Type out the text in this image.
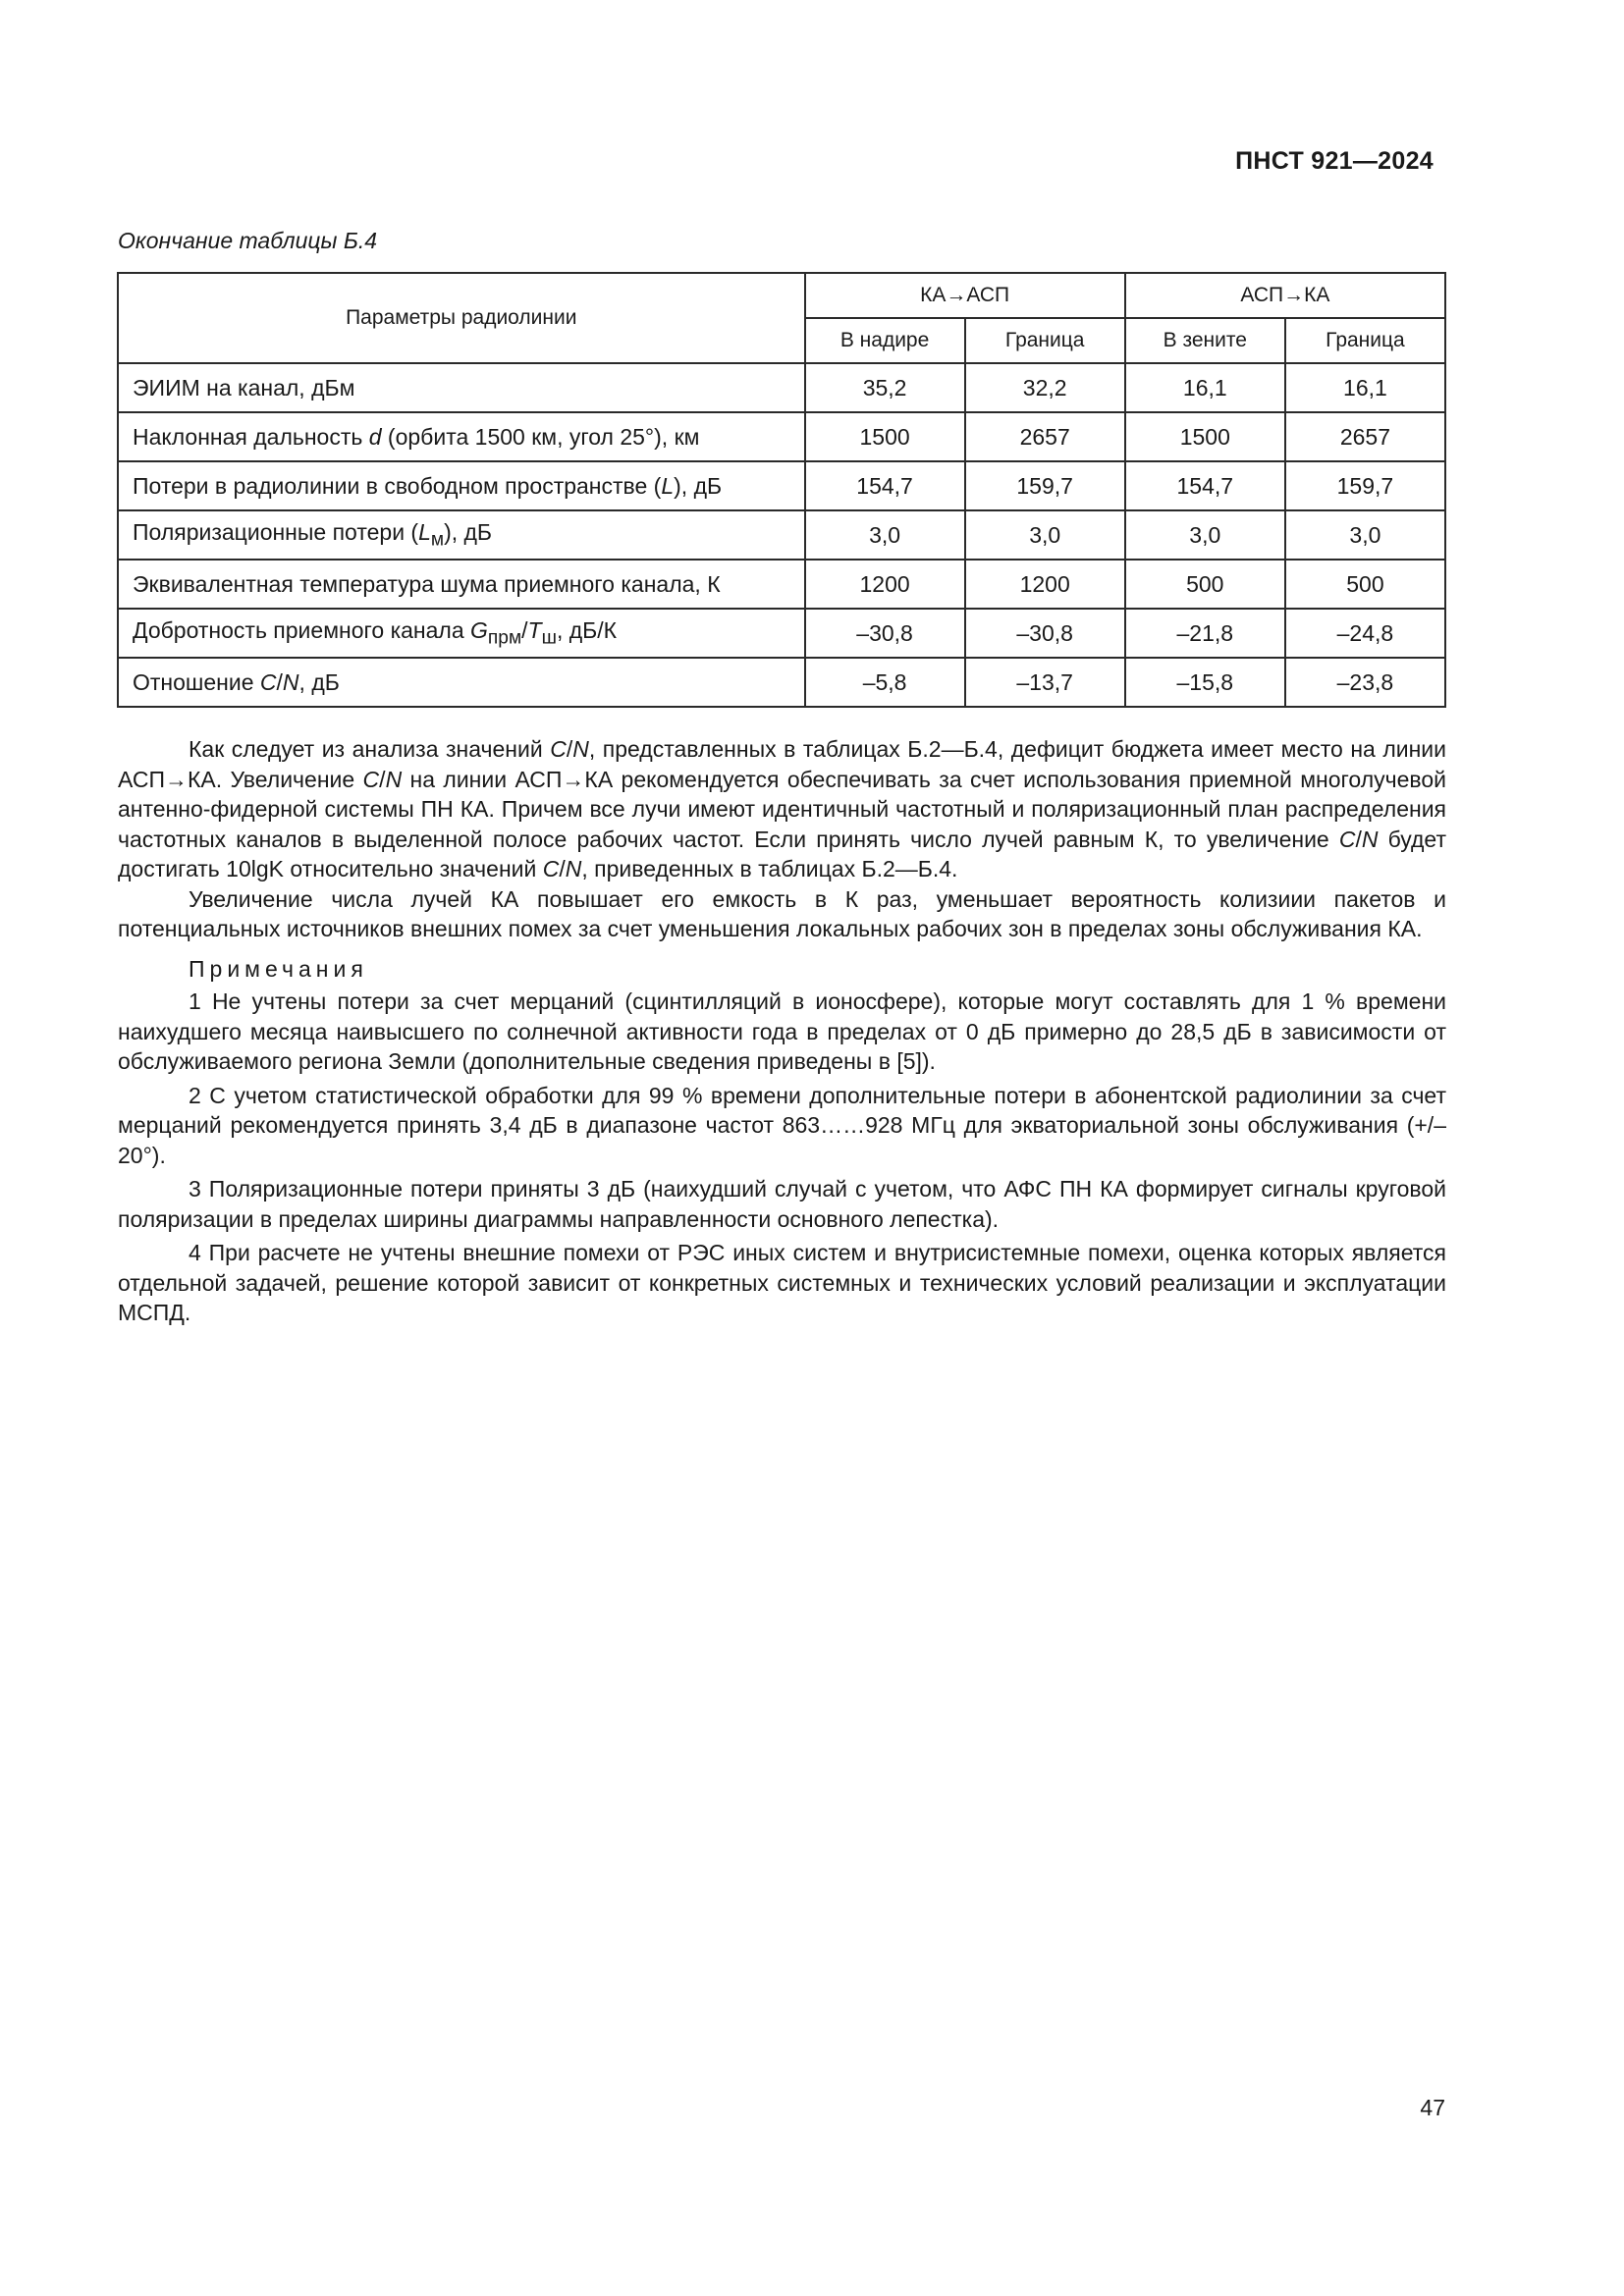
ПНСТ 921—2024
Окончание таблицы Б.4
Параметры радиолинии	КА→АСП		АСП→КА	
	В надире	Граница	В зените	Граница
ЭИИМ на канал, дБм	35,2	32,2	16,1	16,1
Наклонная дальность d (орбита 1500 км, угол 25°), км	1500	2657	1500	2657
Потери в радиолинии в свободном пространстве (L), дБ	154,7	159,7	154,7	159,7
Поляризационные потери $(L_м)$, дБ	3,0	3,0	3,0	3,0
Эквивалентная температура шума приемного канала, К	1200	1200	500	500
Добротность приемного канала $G_{прм}/T_ш$, дБ/К	–30,8	–30,8	–21,8	–24,8
Отношение C/N, дБ	–5,8	–13,7	–15,8	–23,8

Как следует из анализа значений C/N, представленных в таблицах Б.2—Б.4, дефицит бюджета имеет место на линии АСП→КА. Увеличение C/N на линии АСП→КА рекомендуется обеспечивать за счет использования приемной многолучевой антенно-фидерной системы ПН КА. Причем все лучи имеют идентичный частотный и поляризационный план распределения частотных каналов в выделенной полосе рабочих частот. Если принять число лучей равным К, то увеличение C/N будет достигать 10lgK относительно значений C/N, приведенных в таблицах Б.2—Б.4.

Увеличение числа лучей КА повышает его емкость в К раз, уменьшает вероятность колизиии пакетов и потенциальных источников внешних помех за счет уменьшения локальных рабочих зон в пределах зоны обслуживания КА.

Примечания

1 Не учтены потери за счет мерцаний (сцинтилляций в ионосфере), которые могут составлять для 1 % времени наихудшего месяца наивысшего по солнечной активности года в пределах от 0 дБ примерно до 28,5 дБ в зависимости от обслуживаемого региона Земли (дополнительные сведения приведены в [5]).

2 С учетом статистической обработки для 99 % времени дополнительные потери в абонентской радиолинии за счет мерцаний рекомендуется принять 3,4 дБ в диапазоне частот 863……928 МГц для экваториальной зоны обслуживания (+/–20°).

3 Поляризационные потери приняты 3 дБ (наихудший случай с учетом, что АФС ПН КА формирует сигналы круговой поляризации в пределах ширины диаграммы направленности основного лепестка).

4 При расчете не учтены внешние помехи от РЭС иных систем и внутрисистемные помехи, оценка которых является отдельной задачей, решение которой зависит от конкретных системных и технических условий реализации и эксплуатации МСПД.

47
